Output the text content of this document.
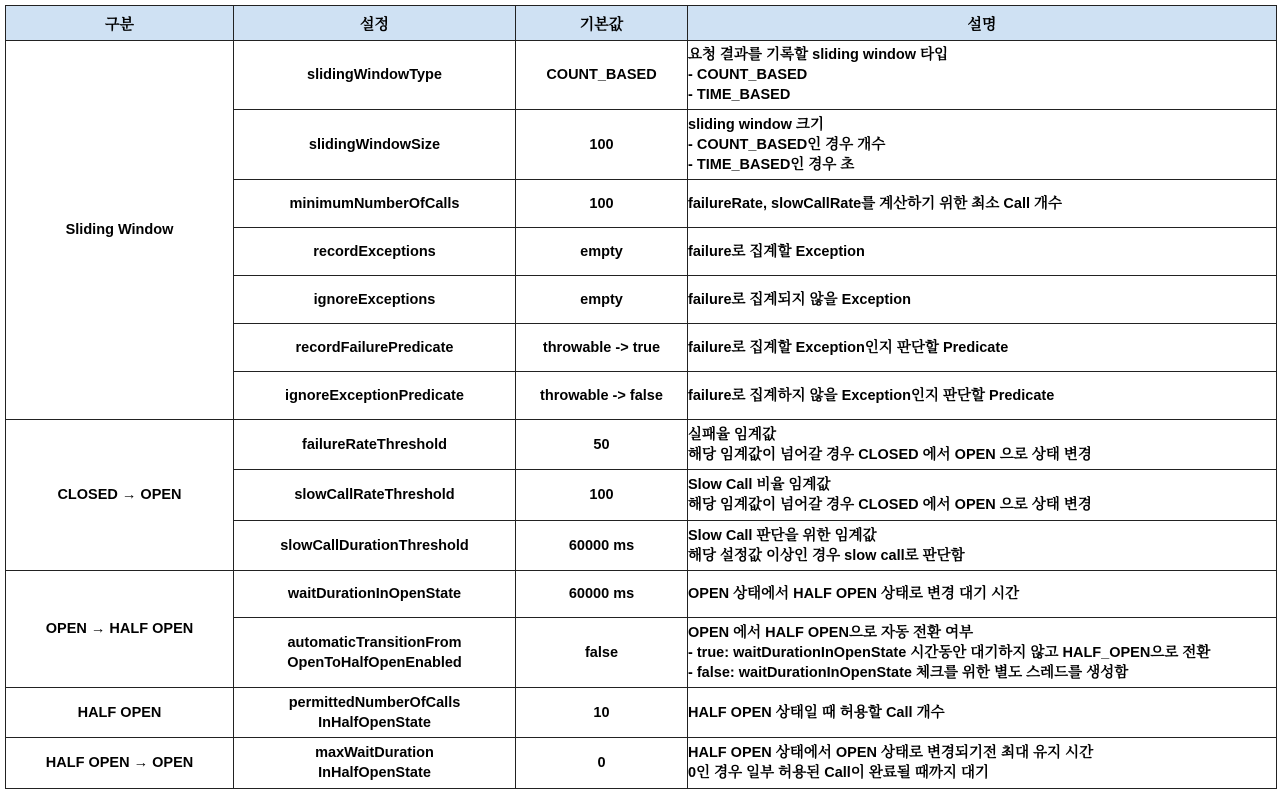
구분	설정	기본값	설명
Sliding Window	slidingWindowType	COUNT_BASED	요청 결과를 기록할 sliding window 타입
- COUNT_BASED
- TIME_BASED

	slidingWindowSize	100	sliding window 크기
- COUNT_BASED인 경우 개수
- TIME_BASED인 경우 초

	minimumNumberOfCalls	100	failureRate, slowCallRate를 계산하기 위한 최소 Call 개수

	recordExceptions	empty	failure로 집계할 Exception

	ignoreExceptions	empty	failure로 집계되지 않을 Exception

	recordFailurePredicate	throwable -> true	failure로 집계할 Exception인지 판단할 Predicate

	ignoreExceptionPredicate	throwable -> false	failure로 집계하지 않을 Exception인지 판단할 Predicate

CLOSED → OPEN	failureRateThreshold	50	실패율 임계값
해당 임계값이 넘어갈 경우 CLOSED 에서 OPEN 으로 상태 변경

	slowCallRateThreshold	100	Slow Call 비율 임계값
해당 임계값이 넘어갈 경우 CLOSED 에서 OPEN 으로 상태 변경

	slowCallDurationThreshold	60000 ms	Slow Call 판단을 위한 임계값
해당 설정값 이상인 경우 slow call로 판단함

OPEN → HALF OPEN	waitDurationInOpenState	60000 ms	OPEN 상태에서 HALF OPEN 상태로 변경 대기 시간

	automaticTransitionFrom
OpenToHalfOpenEnabled	false	OPEN 에서 HALF OPEN으로 자동 전환 여부
- true: waitDurationInOpenState 시간동안 대기하지 않고 HALF_OPEN으로 전환
- false: waitDurationInOpenState 체크를 위한 별도 스레드를 생성함

HALF OPEN	permittedNumberOfCalls
InHalfOpenState	10	HALF OPEN 상태일 때 허용할 Call 개수

HALF OPEN → OPEN	maxWaitDuration
InHalfOpenState	0	HALF OPEN 상태에서 OPEN 상태로 변경되기전 최대 유지 시간
0인 경우 일부 허용된 Call이 완료될 때까지 대기
